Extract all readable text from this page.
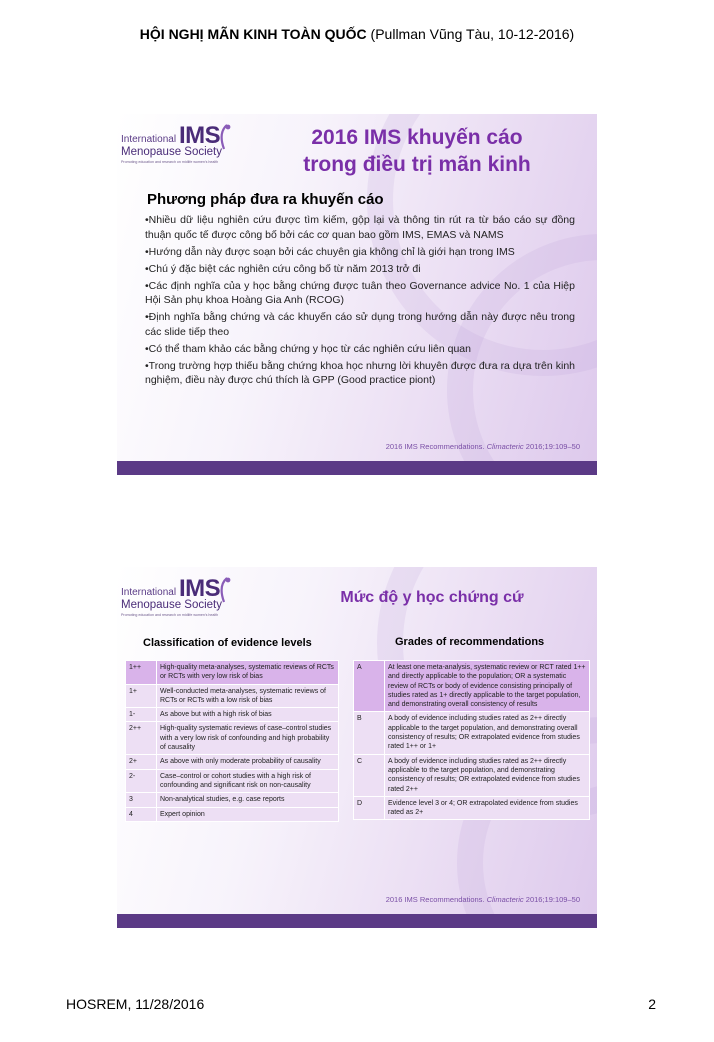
HỘI NGHỊ MÃN KINH TOÀN QUỐC (Pullman Vũng Tàu, 10-12-2016)
International IMS
Menopause Society
Promoting education and research on midlife women's health
2016 IMS khuyến cáo
trong điều trị mãn kinh
Phương pháp đưa ra khuyến cáo
•Nhiều dữ liệu nghiên cứu được tìm kiếm, gộp lại và thông tin rút ra từ báo cáo sự đồng thuận quốc tế được công bố bởi các cơ quan bao gồm IMS, EMAS và NAMS
•Hướng dẫn này được soạn bởi các chuyên gia không chỉ là giới hạn trong IMS
•Chú ý đặc biệt các nghiên cứu công bố từ năm 2013 trở đi
•Các định nghĩa của y học bằng chứng được tuân theo Governance advice No. 1 của Hiệp Hội Sản phụ khoa Hoàng Gia Anh (RCOG)
•Định nghĩa bằng chứng và các khuyến cáo sử dụng trong hướng dẫn này được nêu trong các slide tiếp theo
•Có thể tham khảo các bằng chứng y học từ các nghiên cứu liên quan
•Trong trường hợp thiếu bằng chứng khoa học nhưng lời khuyên được đưa ra dựa trên kinh nghiệm, điều này được chú thích là GPP (Good practice piont)
2016 IMS Recommendations. Climacteric 2016;19:109–50
International IMS
Menopause Society
Promoting education and research on midlife women's health
Mức độ y học chứng cứ
Classification of evidence levels	Grades of recommendations
1++	High-quality meta-analyses, systematic reviews of RCTs or RCTs with very low risk of bias
1+	Well-conducted meta-analyses, systematic reviews of RCTs or RCTs with a low risk of bias
1-	As above but with a high risk of bias
2++	High-quality systematic reviews of case–control studies with a very low risk of confounding and high probability of causality
2+	As above with only moderate probability of causality
2-	Case–control or cohort studies with a high risk of confounding and significant risk on non-causality
3	Non-analytical studies, e.g. case reports
4	Expert opinion
A	At least one meta-analysis, systematic review or RCT rated 1++ and directly applicable to the population; OR a systematic review of RCTs or body of evidence consisting principally of studies rated as 1+ directly applicable to the target population, and demonstrating overall consistency of results
B	A body of evidence including studies rated as 2++ directly applicable to the target population, and demonstrating overall consistency of results; OR extrapolated evidence from studies rated 1++ or 1+
C	A body of evidence including studies rated as 2++ directly applicable to the target population, and demonstrating consistency of results; OR extrapolated evidence from studies rated 2++
D	Evidence level 3 or 4; OR extrapolated evidence from studies rated as 2+
2016 IMS Recommendations. Climacteric 2016;19:109–50
HOSREM, 11/28/2016	2
